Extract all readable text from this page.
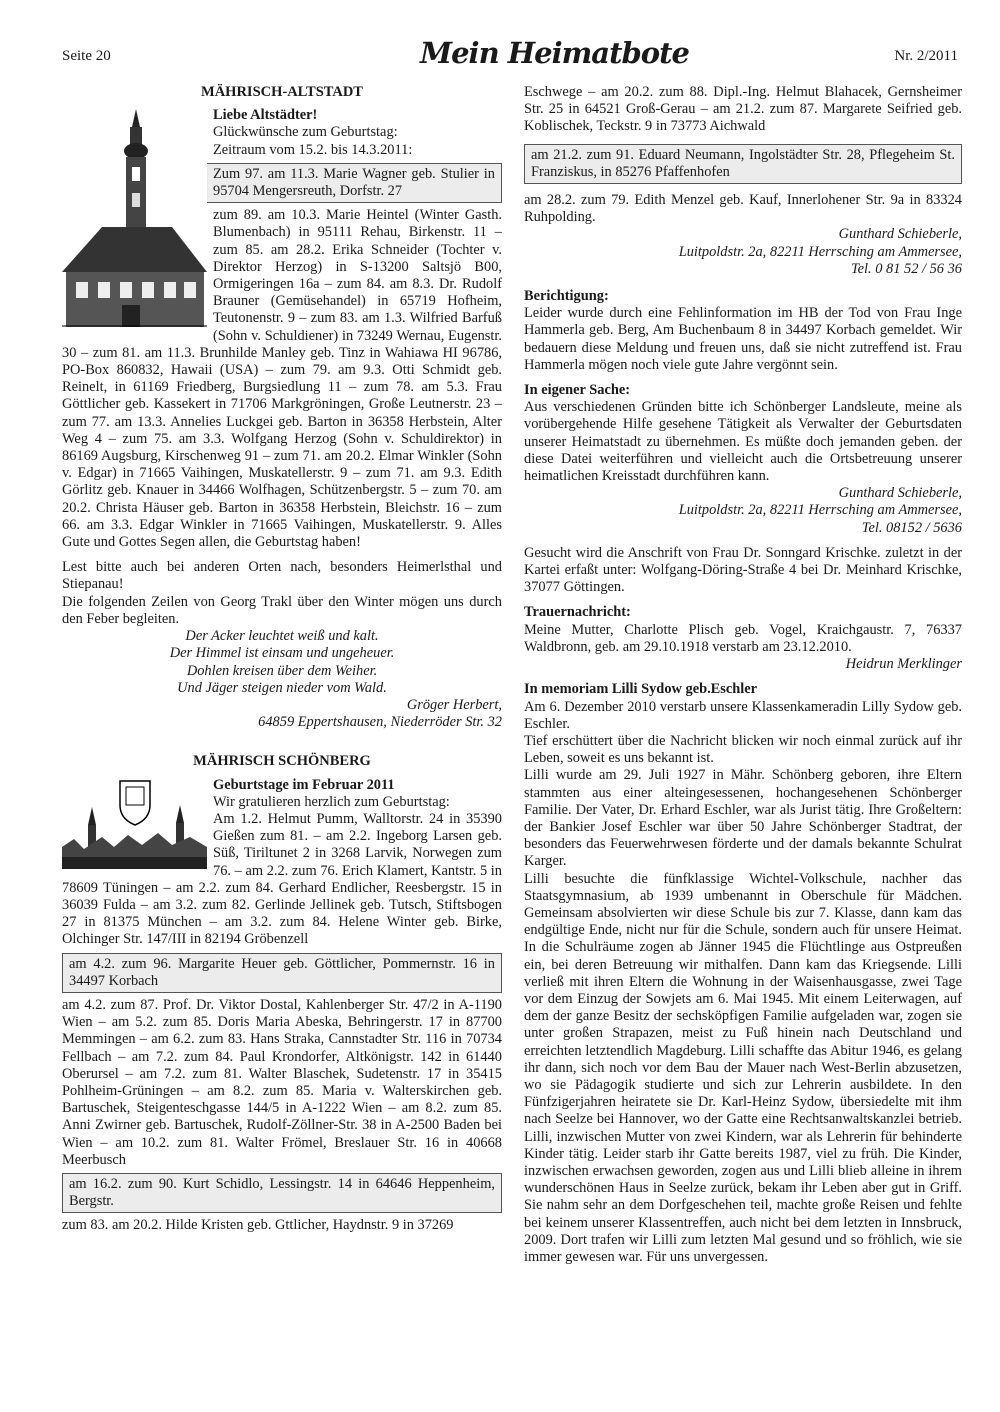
Seite 20	Mein Heimatbote	Nr. 2/2011
MÄHRISCH-ALTSTADT

Liebe Altstädter!

Glückwünsche zum Geburtstag:

Zeitraum vom 15.2. bis 14.3.2011:

Zum 97. am 11.3. Marie Wagner geb. Stulier in 95704 Mengersreuth, Dorfstr. 27

zum 89. am 10.3. Marie Heintel (Winter Gasth. Blumenbach) in 95111 Rehau, Birkenstr. 11 – zum 85. am 28.2. Erika Schneider (Tochter v. Direktor Herzog) in S-13200 Saltsjö B00, Ormigeringen 16a – zum 84. am 8.3. Dr. Rudolf Brauner (Gemüsehandel) in 65719 Hofheim, Teutonenstr. 9 – zum 83. am 1.3. Wilfried Barfuß (Sohn v. Schuldiener) in 73249 Wernau, Eugenstr. 30 – zum 81. am 11.3. Brunhilde Manley geb. Tinz in Wahiawa HI 96786, PO-Box 860832, Hawaii (USA) – zum 79. am 9.3. Otti Schmidt geb. Reinelt, in 61169 Friedberg, Burgsiedlung 11 – zum 78. am 5.3. Frau Göttlicher geb. Kassekert in 71706 Markgröningen, Große Leutnerstr. 23 – zum 77. am 13.3. Annelies Luckgei geb. Barton in 36358 Herbstein, Alter Weg 4 – zum 75. am 3.3. Wolfgang Herzog (Sohn v. Schuldirektor) in 86169 Augsburg, Kirschenweg 91 – zum 71. am 20.2. Elmar Winkler (Sohn v. Edgar) in 71665 Vaihingen, Muskatellerstr. 9 – zum 71. am 9.3. Edith Görlitz geb. Knauer in 34466 Wolfhagen, Schützenbergstr. 5 – zum 70. am 20.2. Christa Häuser geb. Barton in 36358 Herbstein, Bleichstr. 16 – zum 66. am 3.3. Edgar Winkler in 71665 Vaihingen, Muskatellerstr. 9. Alles Gute und Gottes Segen allen, die Geburtstag haben!

Lest bitte auch bei anderen Orten nach, besonders Heimerlsthal und Stiepanau!

Die folgenden Zeilen von Georg Trakl über den Winter mögen uns durch den Feber begleiten.

Der Acker leuchtet weiß und kalt.

Der Himmel ist einsam und ungeheuer.

Dohlen kreisen über dem Weiher.

Und Jäger steigen nieder vom Wald.

Gröger Herbert,

64859 Eppertshausen, Niederröder Str. 32

MÄHRISCH SCHÖNBERG

Geburtstage im Februar 2011

Wir gratulieren herzlich zum Geburtstag:

Am 1.2. Helmut Pumm, Walltorstr. 24 in 35390 Gießen zum 81. – am 2.2. Ingeborg Larsen geb. Süß, Tiriltunet 2 in 3268 Larvik, Norwegen zum 76. – am 2.2. zum 76. Erich Klamert, Kantstr. 5 in 78609 Tüningen – am 2.2. zum 84. Gerhard Endlicher, Reesbergstr. 15 in 36039 Fulda – am 3.2. zum 82. Gerlinde Jellinek geb. Tutsch, Stiftsbogen 27 in 81375 München – am 3.2. zum 84. Helene Winter geb. Birke, Olchinger Str. 147/III in 82194 Gröbenzell

am 4.2. zum 96. Margarite Heuer geb. Göttlicher, Pommernstr. 16 in 34497 Korbach

am 4.2. zum 87. Prof. Dr. Viktor Dostal, Kahlenberger Str. 47/2 in A-1190 Wien – am 5.2. zum 85. Doris Maria Abeska, Behringerstr. 17 in 87700 Memmingen – am 6.2. zum 83. Hans Straka, Cannstadter Str. 116 in 70734 Fellbach – am 7.2. zum 84. Paul Krondorfer, Altkönigstr. 142 in 61440 Oberursel – am 7.2. zum 81. Walter Blaschek, Sudetenstr. 17 in 35415 Pohlheim-Grüningen – am 8.2. zum 85. Maria v. Walterskirchen geb. Bartuschek, Steigenteschgasse 144/5 in A-1222 Wien – am 8.2. zum 85. Anni Zwirner geb. Bartuschek, Rudolf-Zöllner-Str. 38 in A-2500 Baden bei Wien – am 10.2. zum 81. Walter Frömel, Breslauer Str. 16 in 40668 Meerbusch

am 16.2. zum 90. Kurt Schidlo, Lessingstr. 14 in 64646 Heppenheim, Bergstr.

zum 83. am 20.2. Hilde Kristen geb. Gttlicher, Haydnstr. 9 in 37269

Eschwege – am 20.2. zum 88. Dipl.-Ing. Helmut Blahacek, Gernsheimer Str. 25 in 64521 Groß-Gerau – am 21.2. zum 87. Margarete Seifried geb. Koblischek, Teckstr. 9 in 73773 Aichwald

am 21.2. zum 91. Eduard Neumann, Ingolstädter Str. 28, Pflegeheim St. Franziskus, in 85276 Pfaffenhofen

am 28.2. zum 79. Edith Menzel geb. Kauf, Innerlohener Str. 9a in 83324 Ruhpolding.

Gunthard Schieberle,

Luitpoldstr. 2a, 82211 Herrsching am Ammersee,

Tel. 0 81 52 / 56 36

Berichtigung:

Leider wurde durch eine Fehlinformation im HB der Tod von Frau Inge Hammerla geb. Berg, Am Buchenbaum 8 in 34497 Korbach gemeldet. Wir bedauern diese Meldung und freuen uns, daß sie nicht zutreffend ist. Frau Hammerla mögen noch viele gute Jahre vergönnt sein.

In eigener Sache:

Aus verschiedenen Gründen bitte ich Schönberger Landsleute, meine als vorübergehende Hilfe gesehene Tätigkeit als Verwalter der Geburtsdaten unserer Heimatstadt zu übernehmen. Es müßte doch jemanden geben. der diese Datei weiterführen und vielleicht auch die Ortsbetreuung unserer heimatlichen Kreisstadt durchführen kann.

Gunthard Schieberle,

Luitpoldstr. 2a, 82211 Herrsching am Ammersee,

Tel. 08152 / 5636

Gesucht wird die Anschrift von Frau Dr. Sonngard Krischke. zuletzt in der Kartei erfaßt unter: Wolfgang-Döring-Straße 4 bei Dr. Meinhard Krischke, 37077 Göttingen.

Trauernachricht:

Meine Mutter, Charlotte Plisch geb. Vogel, Kraichgaustr. 7, 76337 Waldbronn, geb. am 29.10.1918 verstarb am 23.12.2010.

Heidrun Merklinger

In memoriam Lilli Sydow geb.Eschler

Am 6. Dezember 2010 verstarb unsere Klassenkameradin Lilly Sydow geb. Eschler.

Tief erschüttert über die Nachricht blicken wir noch einmal zurück auf ihr Leben, soweit es uns bekannt ist.

Lilli wurde am 29. Juli 1927 in Mähr. Schönberg geboren, ihre Eltern stammten aus einer alteingesessenen, hochangesehenen Schönberger Familie. Der Vater, Dr. Erhard Eschler, war als Jurist tätig. Ihre Großeltern: der Bankier Josef Eschler war über 50 Jahre Schönberger Stadtrat, der besonders das Feuerwehrwesen förderte und der damals bekannte Schulrat Karger.

Lilli besuchte die fünfklassige Wichtel-Volkschule, nachher das Staatsgymnasium, ab 1939 umbenannt in Oberschule für Mädchen. Gemeinsam absolvierten wir diese Schule bis zur 7. Klasse, dann kam das endgültige Ende, nicht nur für die Schule, sondern auch für unsere Heimat. In die Schulräume zogen ab Jänner 1945 die Flüchtlinge aus Ostpreußen ein, bei deren Betreuung wir mithalfen. Dann kam das Kriegsende. Lilli verließ mit ihren Eltern die Wohnung in der Waisenhausgasse, zwei Tage vor dem Einzug der Sowjets am 6. Mai 1945. Mit einem Leiterwagen, auf dem der ganze Besitz der sechsköpfigen Familie aufgeladen war, zogen sie unter großen Strapazen, meist zu Fuß hinein nach Deutschland und erreichten letztendlich Magdeburg. Lilli schaffte das Abitur 1946, es gelang ihr dann, sich noch vor dem Bau der Mauer nach West-Berlin abzusetzen, wo sie Pädagogik studierte und sich zur Lehrerin ausbildete. In den Fünfzigerjahren heiratete sie Dr. Karl-Heinz Sydow, übersiedelte mit ihm nach Seelze bei Hannover, wo der Gatte eine Rechtsanwaltskanzlei betrieb. Lilli, inzwischen Mutter von zwei Kindern, war als Lehrerin für behinderte Kinder tätig. Leider starb ihr Gatte bereits 1987, viel zu früh. Die Kinder, inzwischen erwachsen geworden, zogen aus und Lilli blieb alleine in ihrem wunderschönen Haus in Seelze zurück, bekam ihr Leben aber gut in Griff. Sie nahm sehr an dem Dorfgeschehen teil, machte große Reisen und fehlte bei keinem unserer Klassentreffen, auch nicht bei dem letzten in Innsbruck, 2009. Dort trafen wir Lilli zum letzten Mal gesund und so fröhlich, wie sie immer gewesen war. Für uns unvergessen.
